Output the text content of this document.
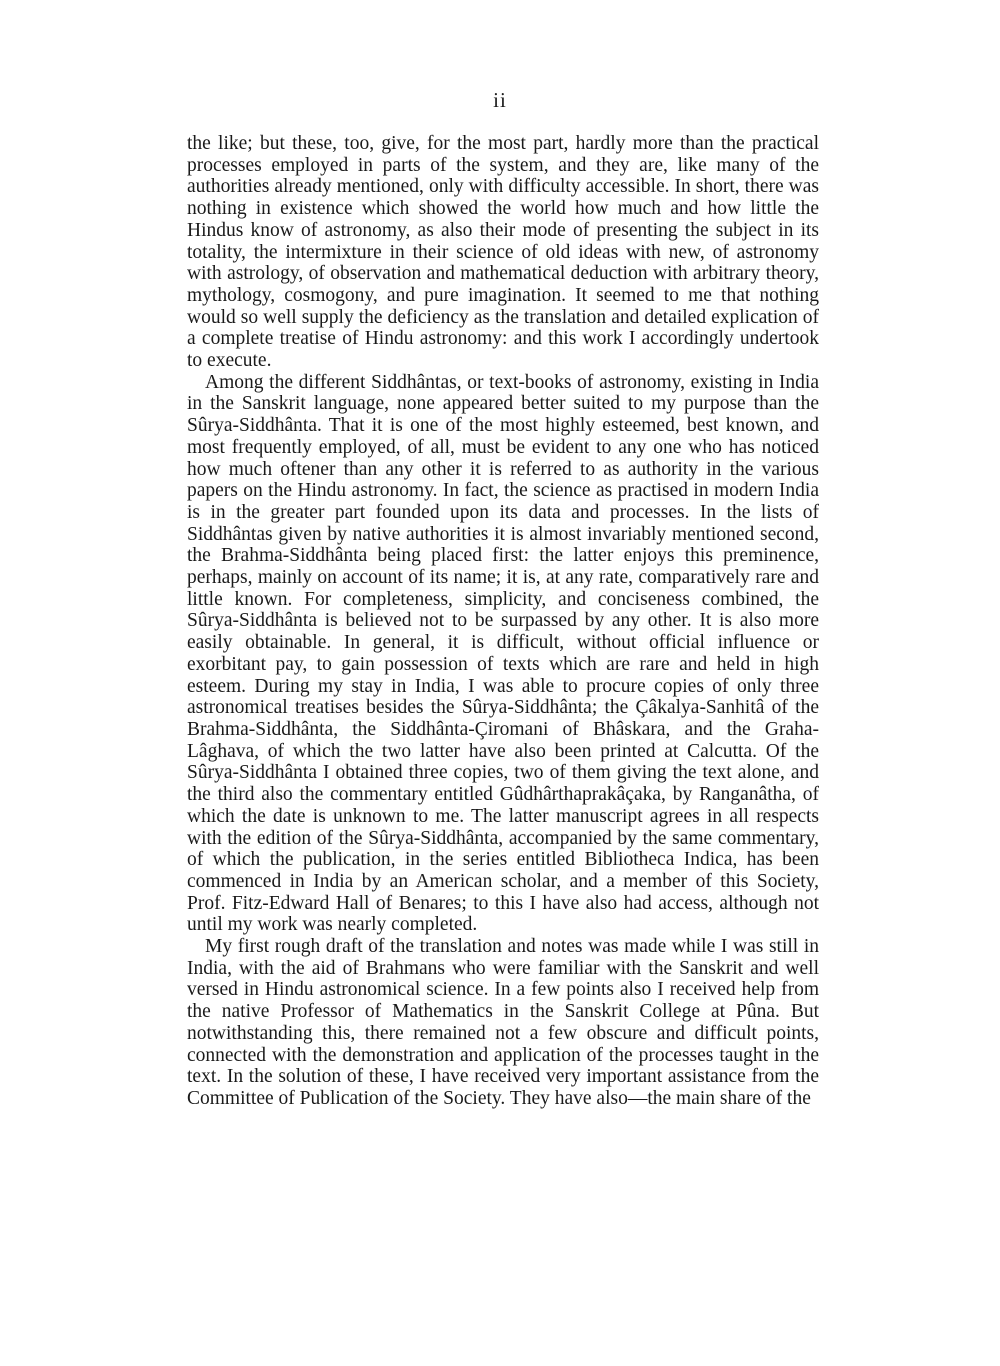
ii

the like; but these, too, give, for the most part, hardly more than the practical processes employed in parts of the system, and they are, like many of the authorities already mentioned, only with difficulty accessible. In short, there was nothing in existence which showed the world how much and how little the Hindus know of astronomy, as also their mode of presenting the subject in its totality, the intermixture in their science of old ideas with new, of astronomy with astrology, of observation and mathematical deduction with arbitrary theory, mythology, cosmogony, and pure imagination. It seemed to me that nothing would so well supply the deficiency as the translation and detailed explication of a complete treatise of Hindu astronomy: and this work I accordingly undertook to execute.

Among the different Siddhântas, or text-books of astronomy, existing in India in the Sanskrit language, none appeared better suited to my purpose than the Sûrya-Siddhânta. That it is one of the most highly esteemed, best known, and most frequently employed, of all, must be evident to any one who has noticed how much oftener than any other it is referred to as authority in the various papers on the Hindu astronomy. In fact, the science as practised in modern India is in the greater part founded upon its data and processes. In the lists of Siddhântas given by native authorities it is almost invariably mentioned second, the Brahma-Siddhânta being placed first: the latter enjoys this preminence, perhaps, mainly on account of its name; it is, at any rate, comparatively rare and little known. For completeness, simplicity, and conciseness combined, the Sûrya-Siddhânta is believed not to be surpassed by any other. It is also more easily obtainable. In general, it is difficult, without official influence or exorbitant pay, to gain possession of texts which are rare and held in high esteem. During my stay in India, I was able to procure copies of only three astronomical treatises besides the Sûrya-Siddhânta; the Çâkalya-Sanhitâ of the Brahma-Siddhânta, the Siddhânta-Çiromani of Bhâskara, and the Graha-Lâghava, of which the two latter have also been printed at Calcutta. Of the Sûrya-Siddhânta I obtained three copies, two of them giving the text alone, and the third also the commentary entitled Gûdhârthaprakâçaka, by Ranganâtha, of which the date is unknown to me. The latter manuscript agrees in all respects with the edition of the Sûrya-Siddhânta, accompanied by the same commentary, of which the publication, in the series entitled Bibliotheca Indica, has been commenced in India by an American scholar, and a member of this Society, Prof. Fitz-Edward Hall of Benares; to this I have also had access, although not until my work was nearly completed.

My first rough draft of the translation and notes was made while I was still in India, with the aid of Brahmans who were familiar with the Sanskrit and well versed in Hindu astronomical science. In a few points also I received help from the native Professor of Mathematics in the Sanskrit College at Pûna. But notwithstanding this, there remained not a few obscure and difficult points, connected with the demonstration and application of the processes taught in the text. In the solution of these, I have received very important assistance from the Committee of Publication of the Society. They have also—the main share of the
